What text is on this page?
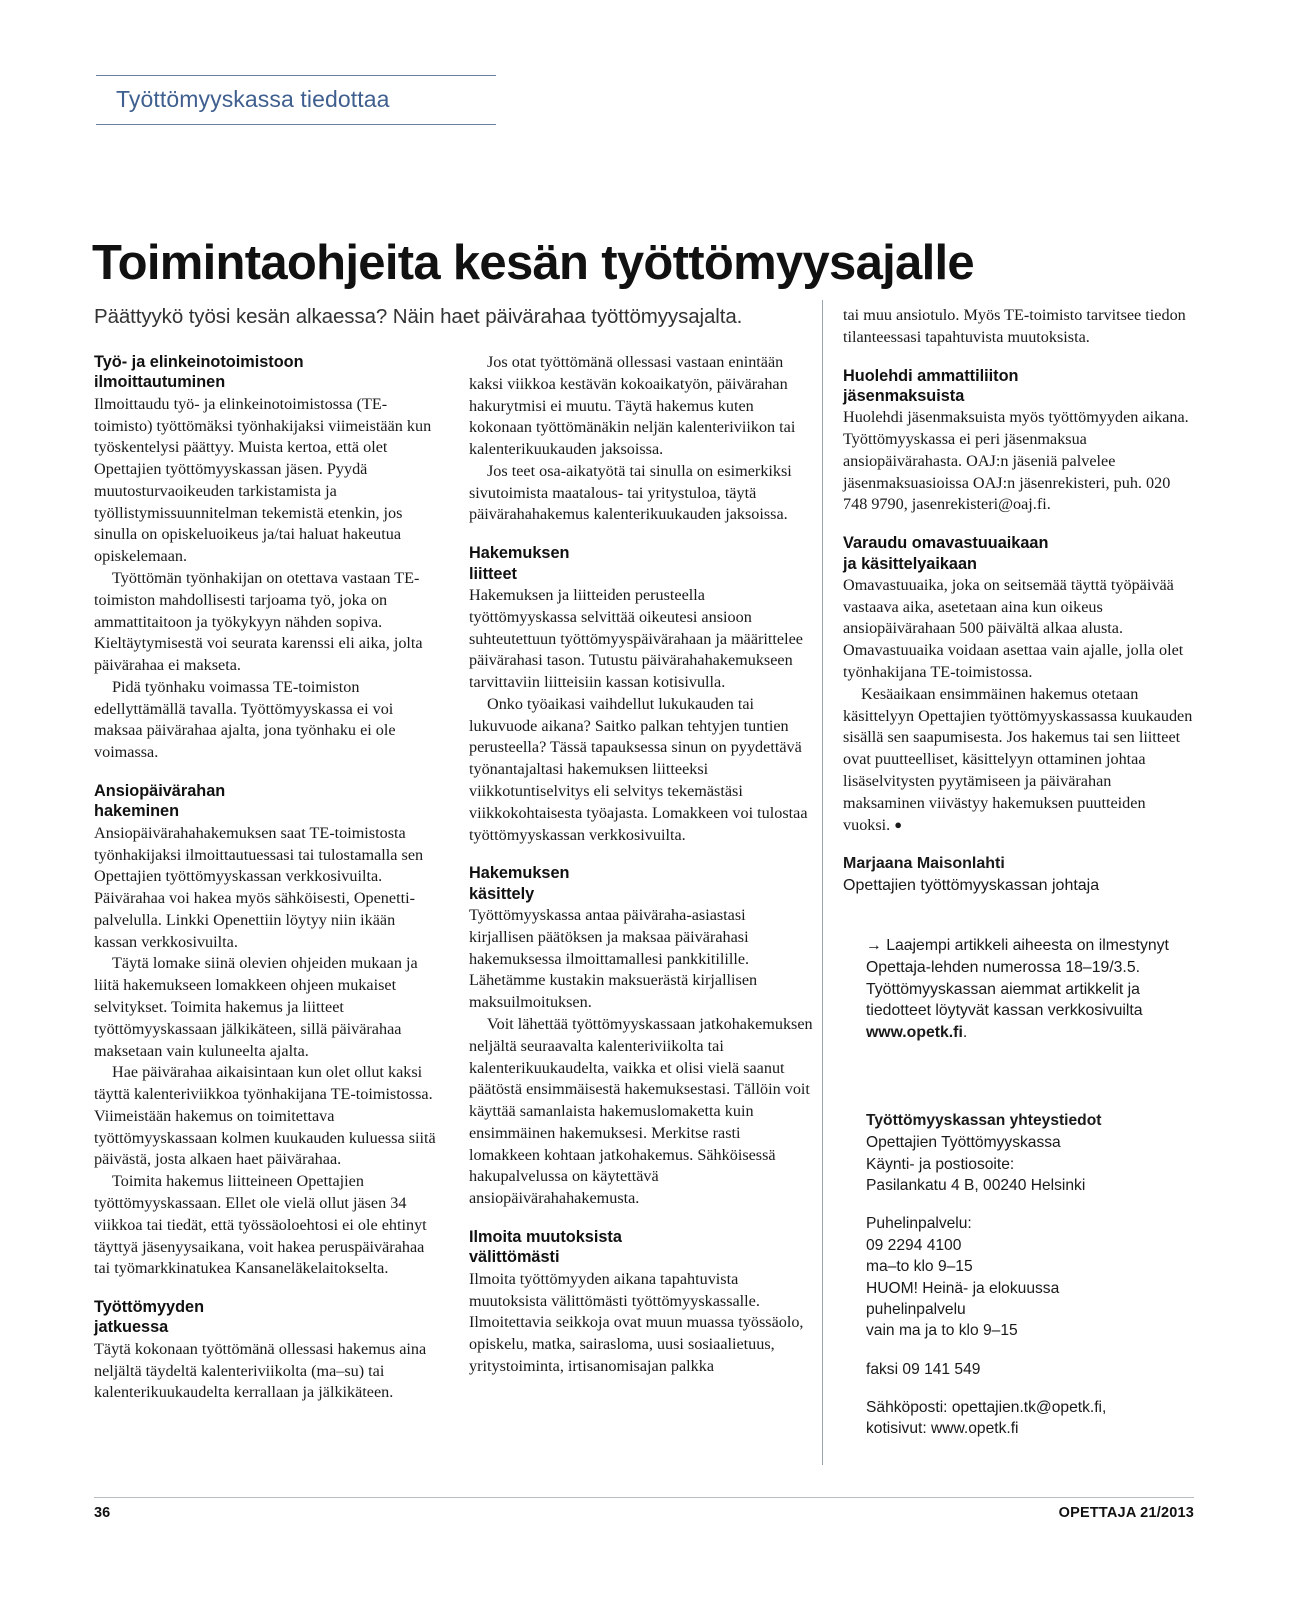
Työttömyyskassa tiedottaa
Toimintaohjeita kesän työttömyysajalle
Päättyykö työsi kesän alkaessa? Näin haet päivärahaa työttömyysajalta.
Työ- ja elinkeinotoimistoon
ilmoittautuminen

Ilmoittaudu työ- ja elinkeinotoimistossa (TE-toimisto) työttömäksi työnhakijaksi viimeistään kun työskentelysi päättyy. Muista kertoa, että olet Opettajien työttömyyskassan jäsen. Pyydä muutosturvaoikeuden tarkistamista ja työllistymissuunnitelman tekemistä etenkin, jos sinulla on opiskeluoikeus ja/tai haluat hakeutua opiskelemaan.

Työttömän työnhakijan on otettava vastaan TE-toimiston mahdollisesti tarjoama työ, joka on ammattitaitoon ja työkykyyn nähden sopiva. Kieltäytymisestä voi seurata karenssi eli aika, jolta päivärahaa ei makseta.

Pidä työnhaku voimassa TE-toimiston edellyttämällä tavalla. Työttömyyskassa ei voi maksaa päivärahaa ajalta, jona työnhaku ei ole voimassa.

Ansiopäivärahan
hakeminen

Ansiopäivärahahakemuksen saat TE-toimistosta työnhakijaksi ilmoittautuessasi tai tulostamalla sen Opettajien työttömyyskassan verkkosivuilta. Päivärahaa voi hakea myös sähköisesti, Openetti-palvelulla. Linkki Openettiin löytyy niin ikään kassan verkkosivuilta.

Täytä lomake siinä olevien ohjeiden mukaan ja liitä hakemukseen lomakkeen ohjeen mukaiset selvitykset. Toimita hakemus ja liitteet työttömyyskassaan jälkikäteen, sillä päivärahaa maksetaan vain kuluneelta ajalta.

Hae päivärahaa aikaisintaan kun olet ollut kaksi täyttä kalenteriviikkoa työnhakijana TE-toimistossa. Viimeistään hakemus on toimitettava työttömyyskassaan kolmen kuukauden kuluessa siitä päivästä, josta alkaen haet päivärahaa.

Toimita hakemus liitteineen Opettajien työttömyyskassaan. Ellet ole vielä ollut jäsen 34 viikkoa tai tiedät, että työssäoloehtosi ei ole ehtinyt täyttyä jäsenyysaikana, voit hakea peruspäivärahaa tai työmarkkinatukea Kansaneläkelaitokselta.

Työttömyyden
jatkuessa

Täytä kokonaan työttömänä ollessasi hakemus aina neljältä täydeltä kalenteriviikolta (ma–su) tai kalenterikuukaudelta kerrallaan ja jälkikäteen.

Jos otat työttömänä ollessasi vastaan enintään kaksi viikkoa kestävän kokoaikatyön, päivärahan hakurytmisi ei muutu. Täytä hakemus kuten kokonaan työttömänäkin neljän kalenteriviikon tai kalenterikuukauden jaksoissa.

Jos teet osa-aikatyötä tai sinulla on esimerkiksi sivutoimista maatalous- tai yritystuloa, täytä päivärahahakemus kalenterikuukauden jaksoissa.

Hakemuksen
liitteet

Hakemuksen ja liitteiden perusteella työttömyyskassa selvittää oikeutesi ansioon suhteutettuun työttömyyspäivärahaan ja määrittelee päivärahasi tason. Tutustu päivärahahakemukseen tarvittaviin liitteisiin kassan kotisivulla.

Onko työaikasi vaihdellut lukukauden tai lukuvuode aikana? Saitko palkan tehtyjen tuntien perusteella? Tässä tapauksessa sinun on pyydettävä työnantajaltasi hakemuksen liitteeksi viikkotuntiselvitys eli selvitys tekemästäsi viikkokohtaisesta työajasta. Lomakkeen voi tulostaa työttömyyskassan verkkosivuilta.

Hakemuksen
käsittely

Työttömyyskassa antaa päiväraha-asiastasi kirjallisen päätöksen ja maksaa päivärahasi hakemuksessa ilmoittamallesi pankkitilille. Lähetämme kustakin maksuerästä kirjallisen maksuilmoituksen.

Voit lähettää työttömyyskassaan jatkohakemuksen neljältä seuraavalta kalenteriviikolta tai kalenterikuukaudelta, vaikka et olisi vielä saanut päätöstä ensimmäisestä hakemuksestasi. Tällöin voit käyttää samanlaista hakemuslomaketta kuin ensimmäinen hakemuksesi. Merkitse rasti lomakkeen kohtaan jatkohakemus. Sähköisessä hakupalvelussa on käytettävä ansiopäivärahahakemusta.

Ilmoita muutoksista
välittömästi

Ilmoita työttömyyden aikana tapahtuvista muutoksista välittömästi työttömyyskassalle. Ilmoitettavia seikkoja ovat muun muassa työssäolo, opiskelu, matka, sairasloma, uusi sosiaalietuus, yritystoiminta, irtisanomisajan palkka

tai muu ansiotulo. Myös TE-toimisto tarvitsee tiedon tilanteessasi tapahtuvista muutoksista.

Huolehdi ammattiliiton
jäsenmaksuista

Huolehdi jäsenmaksuista myös työttömyyden aikana. Työttömyyskassa ei peri jäsenmaksua ansiopäivärahasta. OAJ:n jäseniä palvelee jäsenmaksuasioissa OAJ:n jäsenrekisteri, puh. 020 748 9790, jasenrekisteri@oaj.fi.

Varaudu omavastuuaikaan
ja käsittelyaikaan

Omavastuuaika, joka on seitsemää täyttä työpäivää vastaava aika, asetetaan aina kun oikeus ansiopäivärahaan 500 päivältä alkaa alusta. Omavastuuaika voidaan asettaa vain ajalle, jolla olet työnhakijana TE-toimistossa.

Kesäaikaan ensimmäinen hakemus otetaan käsittelyyn Opettajien työttömyyskassassa kuukauden sisällä sen saapumisesta. Jos hakemus tai sen liitteet ovat puutteelliset, käsittelyyn ottaminen johtaa lisäselvitysten pyytämiseen ja päivärahan maksaminen viivästyy hakemuksen puutteiden vuoksi. ●

Marjaana Maisonlahti
Opettajien työttömyyskassan johtaja
→ Laajempi artikkeli aiheesta on ilmestynyt Opettaja-lehden numerossa 18–19/3.5. Työttömyyskassan aiemmat artikkelit ja tiedotteet löytyvät kassan verkkosivuilta www.opetk.fi.
Työttömyyskassan yhteystiedot
Opettajien Työttömyyskassa
Käynti- ja postiosoite:
Pasilankatu 4 B, 00240 Helsinki
Puhelinpalvelu:
09 2294 4100
ma–to klo 9–15
HUOM! Heinä- ja elokuussa
puhelinpalvelu
vain ma ja to klo 9–15
faksi 09 141 549
Sähköposti: opettajien.tk@opetk.fi,
kotisivut: www.opetk.fi
36	OPETTAJA 21/2013
